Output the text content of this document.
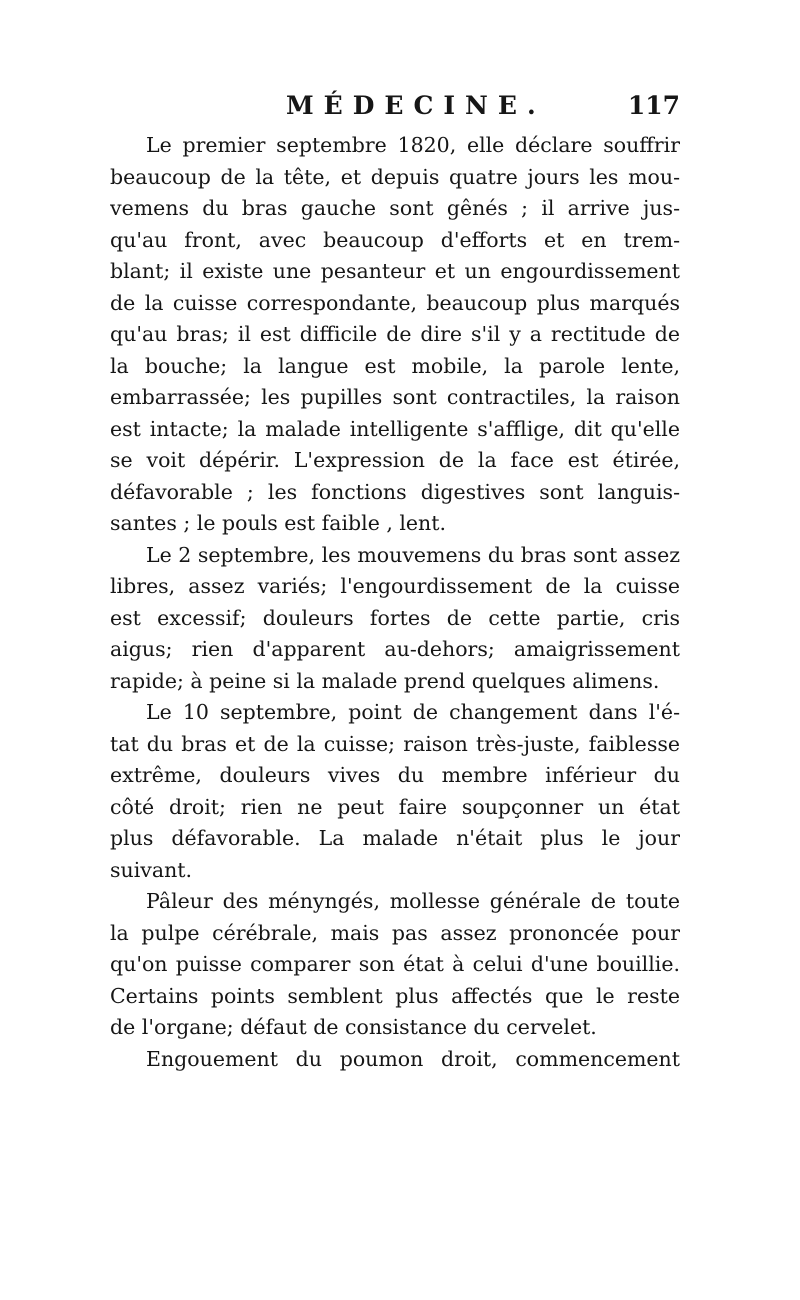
MÉDECINE.	117
Le premier septembre 1820, elle déclare souffrir
beaucoup de la tête, et depuis quatre jours les mou-
vemens du bras gauche sont gênés ; il arrive jus-
qu'au front, avec beaucoup d'efforts et en trem-
blant; il existe une pesanteur et un engourdissement
de la cuisse correspondante, beaucoup plus marqués
qu'au bras; il est difficile de dire s'il y a rectitude de
la bouche; la langue est mobile, la parole lente,
embarrassée; les pupilles sont contractiles, la raison
est intacte; la malade intelligente s'afflige, dit qu'elle
se voit dépérir. L'expression de la face est étirée,
défavorable ; les fonctions digestives sont languis-
santes ; le pouls est faible , lent.
Le 2 septembre, les mouvemens du bras sont assez
libres, assez variés; l'engourdissement de la cuisse
est excessif; douleurs fortes de cette partie, cris
aigus; rien d'apparent au-dehors; amaigrissement
rapide; à peine si la malade prend quelques alimens.
Le 10 septembre, point de changement dans l'é-
tat du bras et de la cuisse; raison très-juste, faiblesse
extrême, douleurs vives du membre inférieur du
côté droit; rien ne peut faire soupçonner un état
plus défavorable. La malade n'était plus le jour
suivant.
Pâleur des ményngés, mollesse générale de toute
la pulpe cérébrale, mais pas assez prononcée pour
qu'on puisse comparer son état à celui d'une bouillie.
Certains points semblent plus affectés que le reste
de l'organe; défaut de consistance du cervelet.
Engouement du poumon droit, commencement
